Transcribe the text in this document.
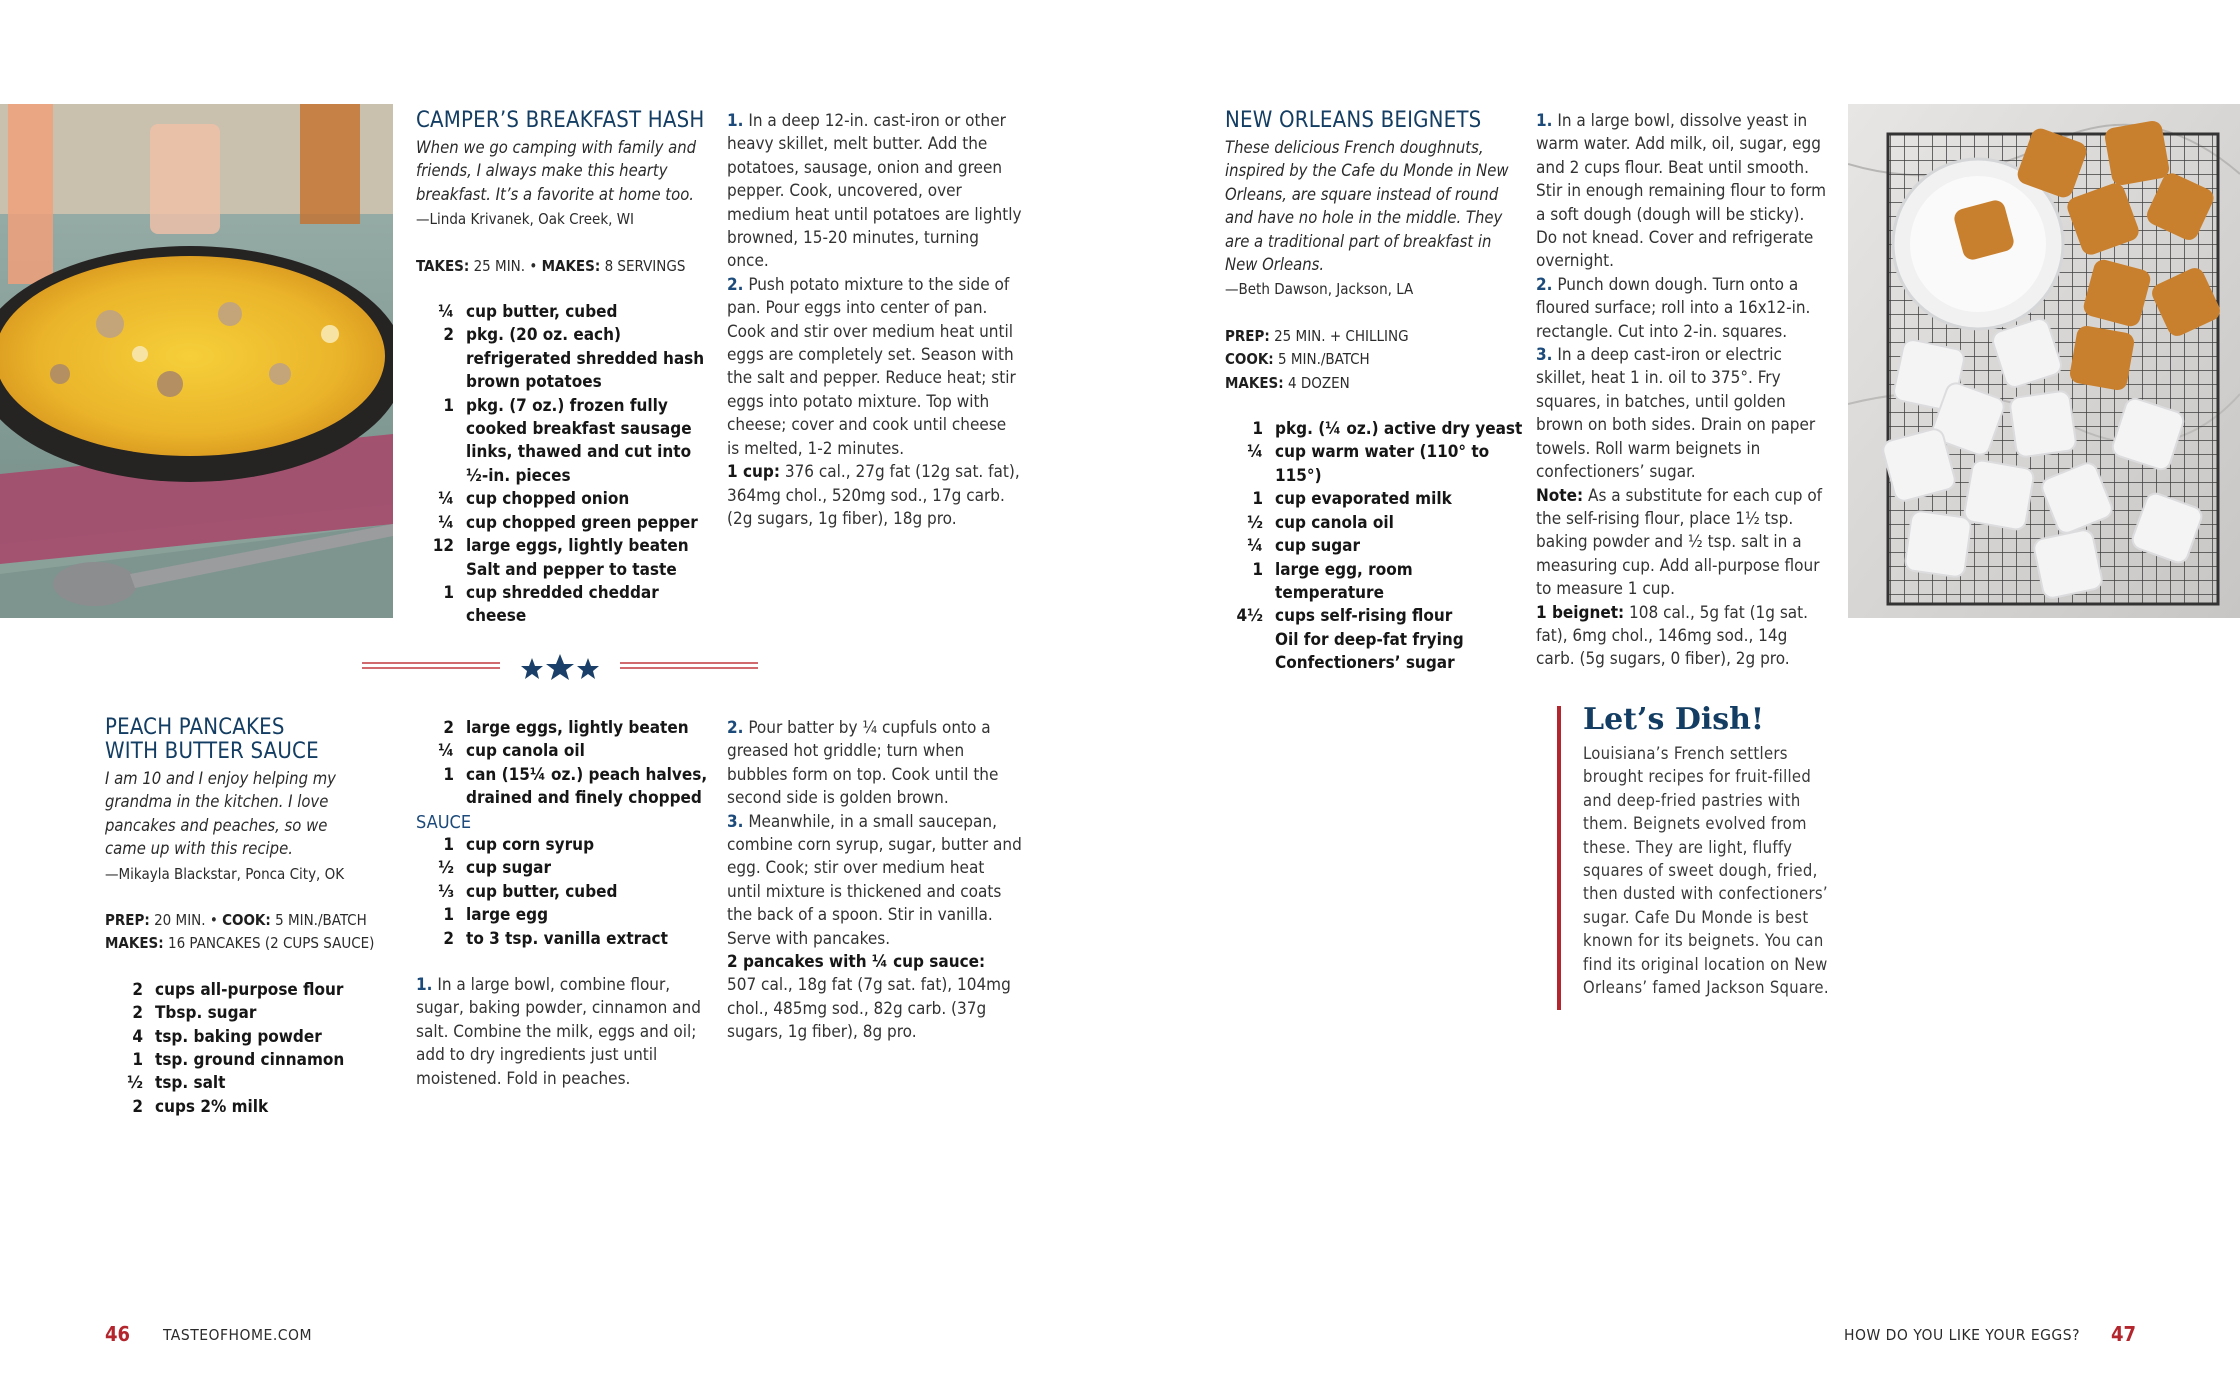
CAMPER’S BREAKFAST HASH
When we go camping with family and friends, I always make this hearty breakfast. It’s a favorite at home too.
—Linda Krivanek, Oak Creek, WI
TAKES: 25 MIN. • MAKES: 8 SERVINGS
¼ cup butter, cubed
2 pkg. (20 oz. each) refrigerated shredded hash brown potatoes
1 pkg. (7 oz.) frozen fully cooked breakfast sausage links, thawed and cut into ½-in. pieces
¼ cup chopped onion
¼ cup chopped green pepper
12 large eggs, lightly beaten
Salt and pepper to taste
1 cup shredded cheddar cheese

1. In a deep 12-in. cast-iron or other heavy skillet, melt butter. Add the potatoes, sausage, onion and green pepper. Cook, uncovered, over medium heat until potatoes are lightly browned, 15-20 minutes, turning once.

2. Push potato mixture to the side of pan. Pour eggs into center of pan. Cook and stir over medium heat until eggs are completely set. Season with the salt and pepper. Reduce heat; stir eggs into potato mixture. Top with cheese; cover and cook until cheese is melted, 1-2 minutes.

1 cup: 376 cal., 27g fat (12g sat. fat), 364mg chol., 520mg sod., 17g carb. (2g sugars, 1g fiber), 18g pro.

PEACH PANCAKES
WITH BUTTER SAUCE
I am 10 and I enjoy helping my grandma in the kitchen. I love pancakes and peaches, so we came up with this recipe.
—Mikayla Blackstar, Ponca City, OK
PREP: 20 MIN. • COOK: 5 MIN./BATCH
MAKES: 16 PANCAKES (2 CUPS SAUCE)
2 cups all-purpose flour
2 Tbsp. sugar
4 tsp. baking powder
1 tsp. ground cinnamon
½ tsp. salt
2 cups 2% milk
2 large eggs, lightly beaten
¼ cup canola oil
1 can (15¼ oz.) peach halves, drained and finely chopped

SAUCE

1 cup corn syrup
½ cup sugar
⅓ cup butter, cubed
1 large egg
2 to 3 tsp. vanilla extract

1. In a large bowl, combine flour, sugar, baking powder, cinnamon and salt. Combine the milk, eggs and oil; add to dry ingredients just until moistened. Fold in peaches.

2. Pour batter by ¼ cupfuls onto a greased hot griddle; turn when bubbles form on top. Cook until the second side is golden brown.

3. Meanwhile, in a small saucepan, combine corn syrup, sugar, butter and egg. Cook; stir over medium heat until mixture is thickened and coats the back of a spoon. Stir in vanilla. Serve with pancakes.

2 pancakes with ¼ cup sauce:
507 cal., 18g fat (7g sat. fat), 104mg chol., 485mg sod., 82g carb. (37g sugars, 1g fiber), 8g pro.

NEW ORLEANS BEIGNETS
These delicious French doughnuts, inspired by the Cafe du Monde in New Orleans, are square instead of round and have no hole in the middle. They are a traditional part of breakfast in New Orleans.
—Beth Dawson, Jackson, LA
PREP: 25 MIN. + CHILLING
COOK: 5 MIN./BATCH
MAKES: 4 DOZEN
1 pkg. (¼ oz.) active dry yeast
¼ cup warm water (110° to 115°)
1 cup evaporated milk
½ cup canola oil
¼ cup sugar
1 large egg, room temperature
4½ cups self-rising flour
Oil for deep-fat frying
Confectioners’ sugar

1. In a large bowl, dissolve yeast in warm water. Add milk, oil, sugar, egg and 2 cups flour. Beat until smooth. Stir in enough remaining flour to form a soft dough (dough will be sticky). Do not knead. Cover and refrigerate overnight.

2. Punch down dough. Turn onto a floured surface; roll into a 16x12-in. rectangle. Cut into 2-in. squares.

3. In a deep cast-iron or electric skillet, heat 1 in. oil to 375°. Fry squares, in batches, until golden brown on both sides. Drain on paper towels. Roll warm beignets in confectioners’ sugar.

Note: As a substitute for each cup of the self-rising flour, place 1½ tsp. baking powder and ½ tsp. salt in a measuring cup. Add all-purpose flour to measure 1 cup.

1 beignet: 108 cal., 5g fat (1g sat. fat), 6mg chol., 146mg sod., 14g carb. (5g sugars, 0 fiber), 2g pro.

Let’s Dish!
Louisiana’s French settlers brought recipes for fruit-filled and deep-fried pastries with them. Beignets evolved from these. They are light, fluffy squares of sweet dough, fried, then dusted with confectioners’ sugar. Cafe Du Monde is best known for its beignets. You can find its original location on New Orleans’ famed Jackson Square.
46 TASTEOFHOME.COM	HOW DO YOU LIKE YOUR EGGS? 47
